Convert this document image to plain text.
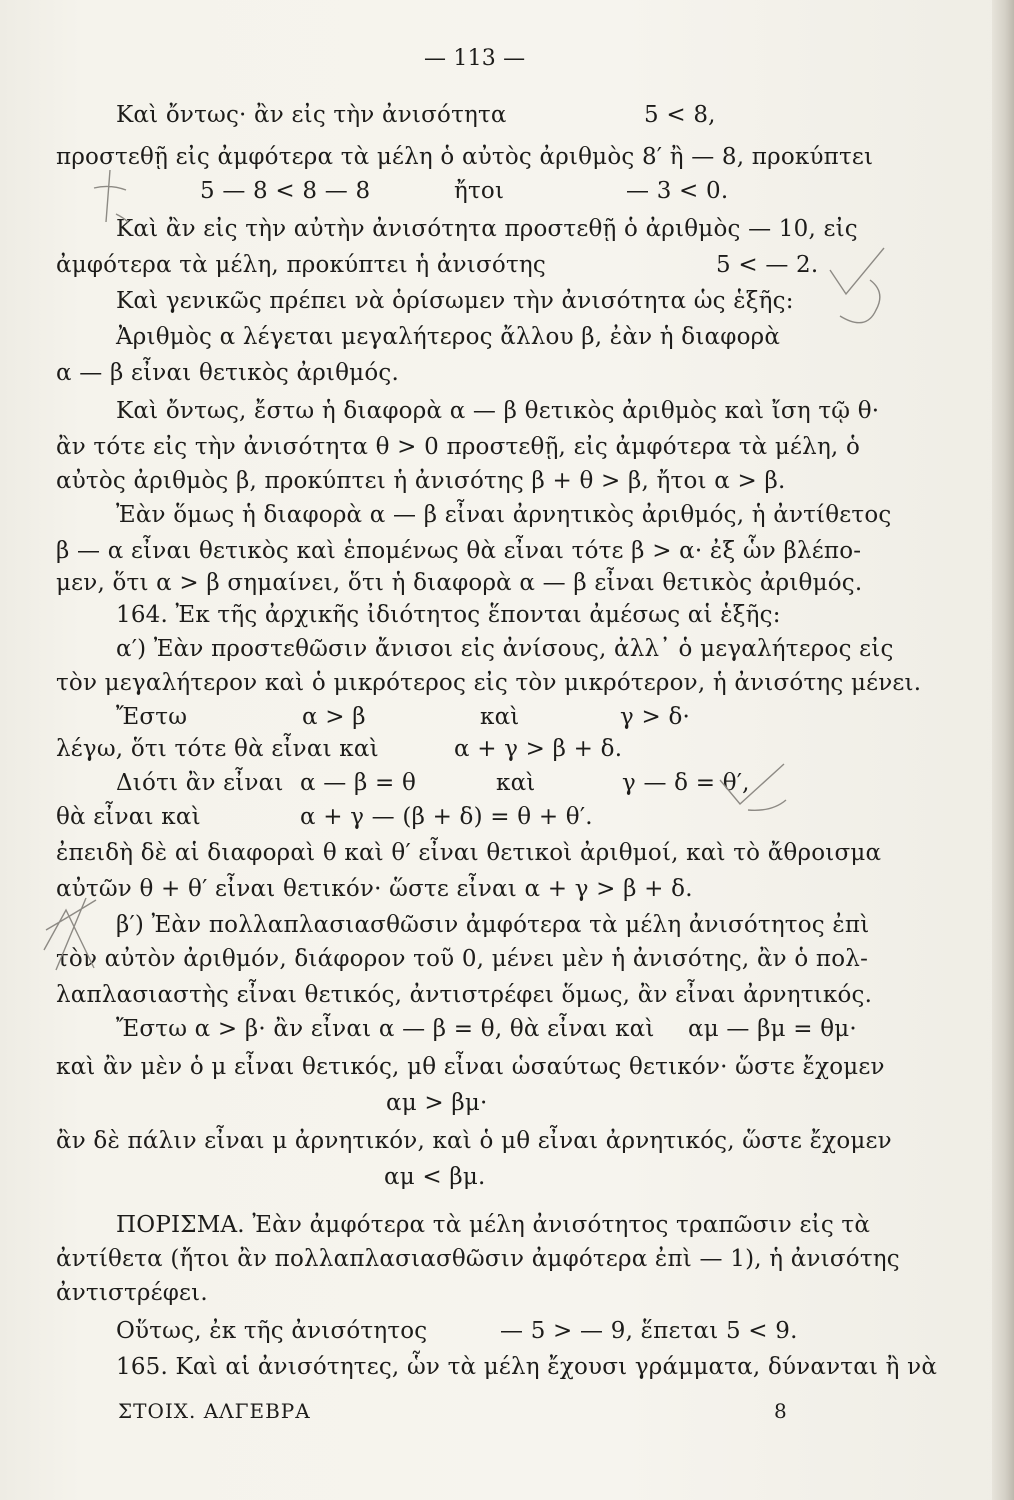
— 113 —
Καὶ ὄντως· ἂν εἰς τὴν ἀνισότητα	5 < 8,
προστεθῇ εἰς ἀμφότερα τὰ μέλη ὁ αὐτὸς ἀριθμὸς 8′ ἢ — 8, προκύπτει
5 — 8 < 8 — 8	ἤτοι	— 3 < 0.
Καὶ ἂν εἰς τὴν αὐτὴν ἀνισότητα προστεθῇ ὁ ἀριθμὸς — 10, εἰς
ἀμφότερα τὰ μέλη, προκύπτει ἡ ἀνισότης	5 < — 2.
Καὶ γενικῶς πρέπει νὰ ὁρίσωμεν τὴν ἀνισότητα ὡς ἑξῆς:
Ἀριθμὸς α λέγεται μεγαλήτερος ἄλλου β, ἐὰν ἡ διαφορὰ
α — β εἶναι θετικὸς ἀριθμός.
Καὶ ὄντως, ἔστω ἡ διαφορὰ α — β θετικὸς ἀριθμὸς καὶ ἴση τῷ θ·
ἂν τότε εἰς τὴν ἀνισότητα θ > 0 προστεθῇ, εἰς ἀμφότερα τὰ μέλη, ὁ
αὐτὸς ἀριθμὸς β, προκύπτει ἡ ἀνισότης β + θ > β, ἤτοι α > β.
Ἐὰν ὅμως ἡ διαφορὰ α — β εἶναι ἀρνητικὸς ἀριθμός, ἡ ἀντίθετος
β — α εἶναι θετικὸς καὶ ἑπομένως θὰ εἶναι τότε β > α· ἐξ ὧν βλέπο-
μεν, ὅτι α > β σημαίνει, ὅτι ἡ διαφορὰ α — β εἶναι θετικὸς ἀριθμός.
164. Ἐκ τῆς ἀρχικῆς ἰδιότητος ἕπονται ἀμέσως αἱ ἑξῆς:
α′) Ἐὰν προστεθῶσιν ἄνισοι εἰς ἀνίσους, ἀλλ᾽ ὁ μεγαλήτερος εἰς
τὸν μεγαλήτερον καὶ ὁ μικρότερος εἰς τὸν μικρότερον, ἡ ἀνισότης μένει.
Ἔστω	α > β	καὶ	γ > δ·
λέγω, ὅτι τότε θὰ εἶναι καὶ	α + γ > β + δ.
Διότι ἂν εἶναι α — β = θ	καὶ	γ — δ = θ′,
θὰ εἶναι καὶ	α + γ — (β + δ) = θ + θ′.
ἐπειδὴ δὲ αἱ διαφοραὶ θ καὶ θ′ εἶναι θετικοὶ ἀριθμοί, καὶ τὸ ἄθροισμα
αὐτῶν θ + θ′ εἶναι θετικόν· ὥστε εἶναι α + γ > β + δ.
β′) Ἐὰν πολλαπλασιασθῶσιν ἀμφότερα τὰ μέλη ἀνισότητος ἐπὶ
τὸν αὐτὸν ἀριθμόν, διάφορον τοῦ 0, μένει μὲν ἡ ἀνισότης, ἂν ὁ πολ-
λαπλασιαστὴς εἶναι θετικός, ἀντιστρέφει ὅμως, ἂν εἶναι ἀρνητικός.
Ἔστω α > β· ἂν εἶναι α — β = θ, θὰ εἶναι καὶ αμ — βμ = θμ·
καὶ ἂν μὲν ὁ μ εἶναι θετικός, μθ εἶναι ὡσαύτως θετικόν· ὥστε ἔχομεν
αμ > βμ·
ἂν δὲ πάλιν εἶναι μ ἀρνητικόν, καὶ ὁ μθ εἶναι ἀρνητικός, ὥστε ἔχομεν
αμ < βμ.
ΠΟΡΙΣΜΑ. Ἐὰν ἀμφότερα τὰ μέλη ἀνισότητος τραπῶσιν εἰς τὰ
ἀντίθετα (ἤτοι ἂν πολλαπλασιασθῶσιν ἀμφότερα ἐπὶ — 1), ἡ ἀνισότης
ἀντιστρέφει.
Οὕτως, ἐκ τῆς ἀνισότητος	— 5 > — 9, ἕπεται 5 < 9.
165. Καὶ αἱ ἀνισότητες, ὧν τὰ μέλη ἔχουσι γράμματα, δύνανται ἢ νὰ
ΣΤΟΙΧ. ΑΛΓΕΒΡΑ	8
